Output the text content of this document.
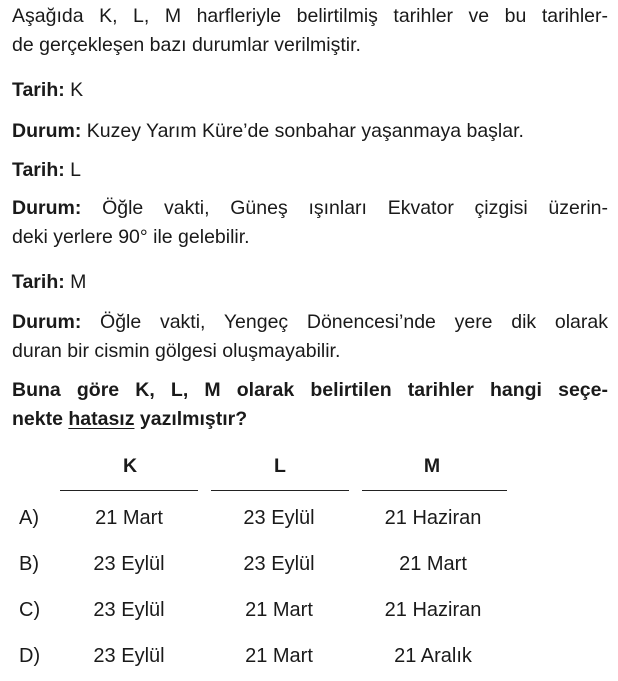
Aşağıda K, L, M harfleriyle belirtilmiş tarihler ve bu tarihler-
de gerçekleşen bazı durumlar verilmiştir.
Tarih: K
Durum: Kuzey Yarım Küre’de sonbahar yaşanmaya başlar.
Tarih: L
Durum: Öğle vakti, Güneş ışınları Ekvator çizgisi üzerin-
deki yerlere 90° ile gelebilir.
Tarih: M
Durum: Öğle vakti, Yengeç Dönencesi’nde yere dik olarak
duran bir cismin gölgesi oluşmayabilir.
Buna göre K, L, M olarak belirtilen tarihler hangi seçe-
nekte hatasız yazılmıştır?
K	L	M
A)	21 Mart	23 Eylül	21 Haziran
B)	23 Eylül	23 Eylül	21 Mart
C)	23 Eylül	21 Mart	21 Haziran
D)	23 Eylül	21 Mart	21 Aralık
